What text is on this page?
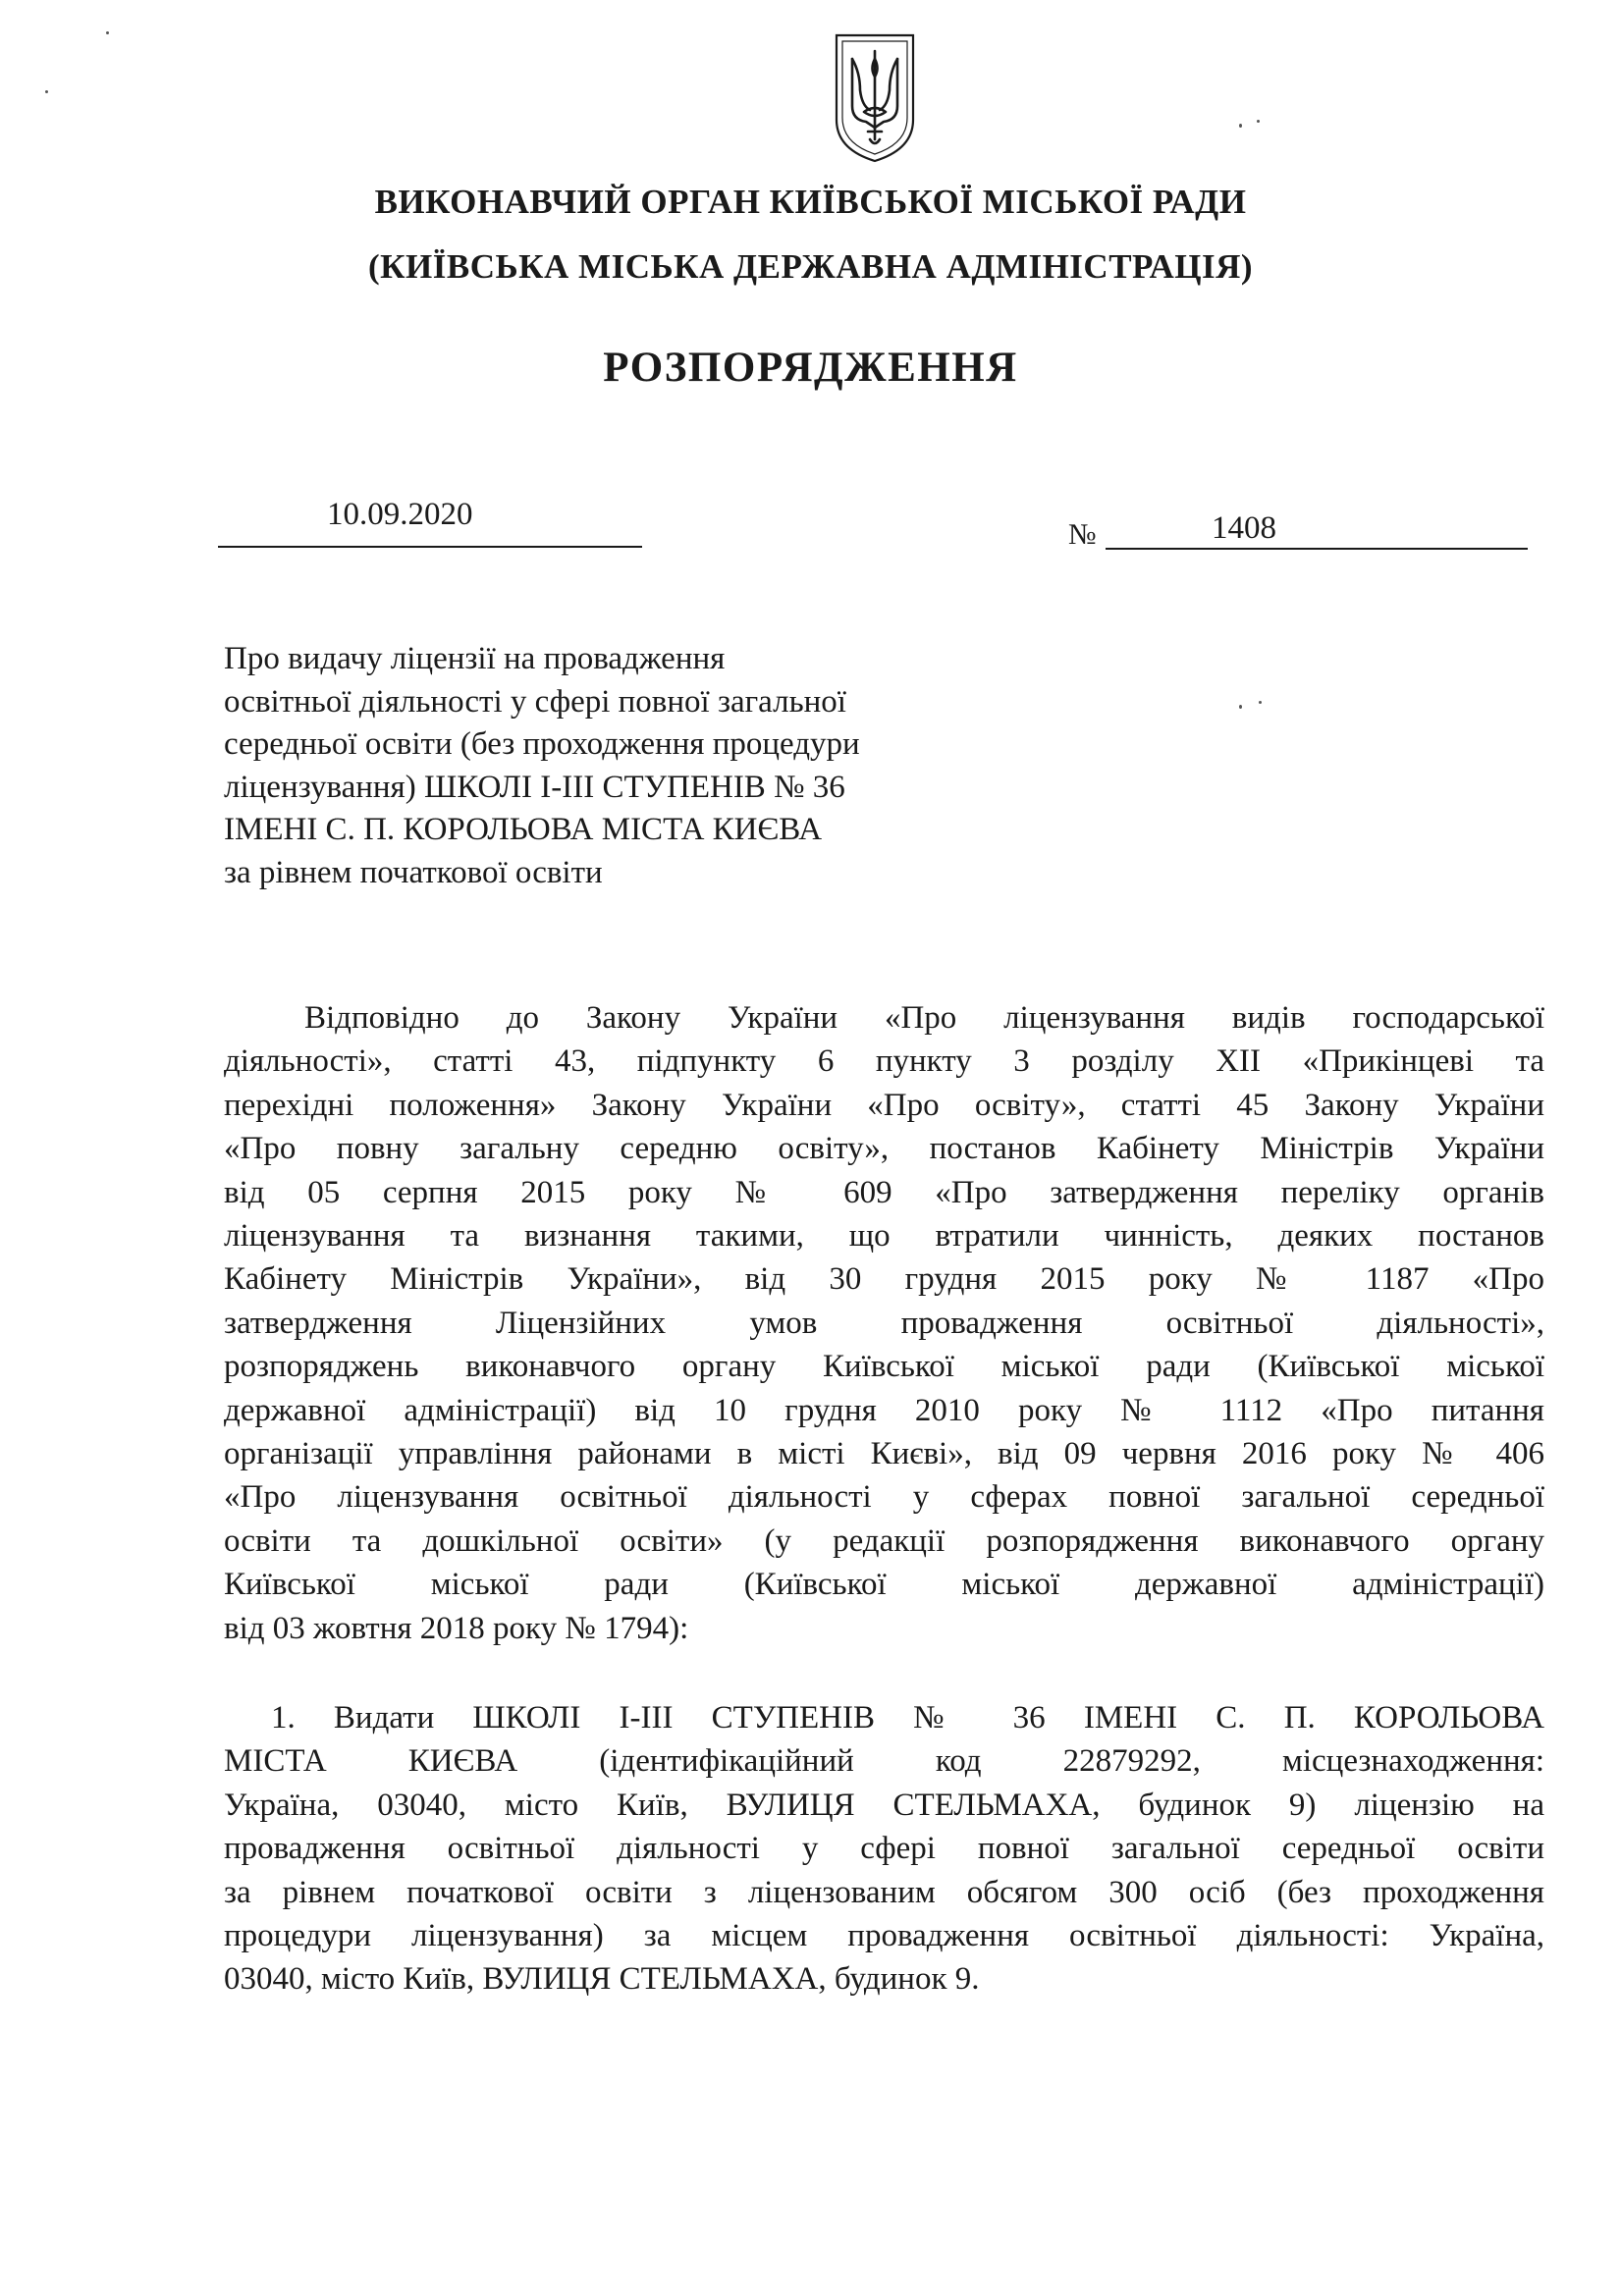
ВИКОНАВЧИЙ ОРГАН КИЇВСЬКОЇ МІСЬКОЇ РАДИ
(КИЇВСЬКА МІСЬКА ДЕРЖАВНА АДМІНІСТРАЦІЯ)
РОЗПОРЯДЖЕННЯ
10.09.2020
№	1408
Про видачу ліцензії на провадження
освітньої діяльності у сфері повної загальної
середньої освіти (без проходження процедури
ліцензування) ШКОЛІ І-ІІІ СТУПЕНІВ № 36
ІМЕНІ С. П. КОРОЛЬОВА МІСТА КИЄВА
за рівнем початкової освіти
Відповідно до Закону України «Про ліцензування видів господарської
діяльності», статті 43, підпункту 6 пункту 3 розділу ХІІ «Прикінцеві та
перехідні положення» Закону України «Про освіту», статті 45 Закону України
«Про повну загальну середню освіту», постанов Кабінету Міністрів України
від 05 серпня 2015 року № 609 «Про затвердження переліку органів
ліцензування та визнання такими, що втратили чинність, деяких постанов
Кабінету Міністрів України», від 30 грудня 2015 року № 1187 «Про
затвердження Ліцензійних умов провадження освітньої діяльності»,
розпоряджень виконавчого органу Київської міської ради (Київської міської
державної адміністрації) від 10 грудня 2010 року № 1112 «Про питання
організації управління районами в місті Києві», від 09 червня 2016 року № 406
«Про ліцензування освітньої діяльності у сферах повної загальної середньої
освіти та дошкільної освіти» (у редакції розпорядження виконавчого органу
Київської міської ради (Київської міської державної адміністрації)
від 03 жовтня 2018 року № 1794):
1. Видати ШКОЛІ І-ІІІ СТУПЕНІВ № 36 ІМЕНІ С. П. КОРОЛЬОВА
МІСТА КИЄВА (ідентифікаційний код 22879292, місцезнаходження:
Україна, 03040, місто Київ, ВУЛИЦЯ СТЕЛЬМАХА, будинок 9) ліцензію на
провадження освітньої діяльності у сфері повної загальної середньої освіти
за рівнем початкової освіти з ліцензованим обсягом 300 осіб (без проходження
процедури ліцензування) за місцем провадження освітньої діяльності: Україна,
03040, місто Київ, ВУЛИЦЯ СТЕЛЬМАХА, будинок 9.
